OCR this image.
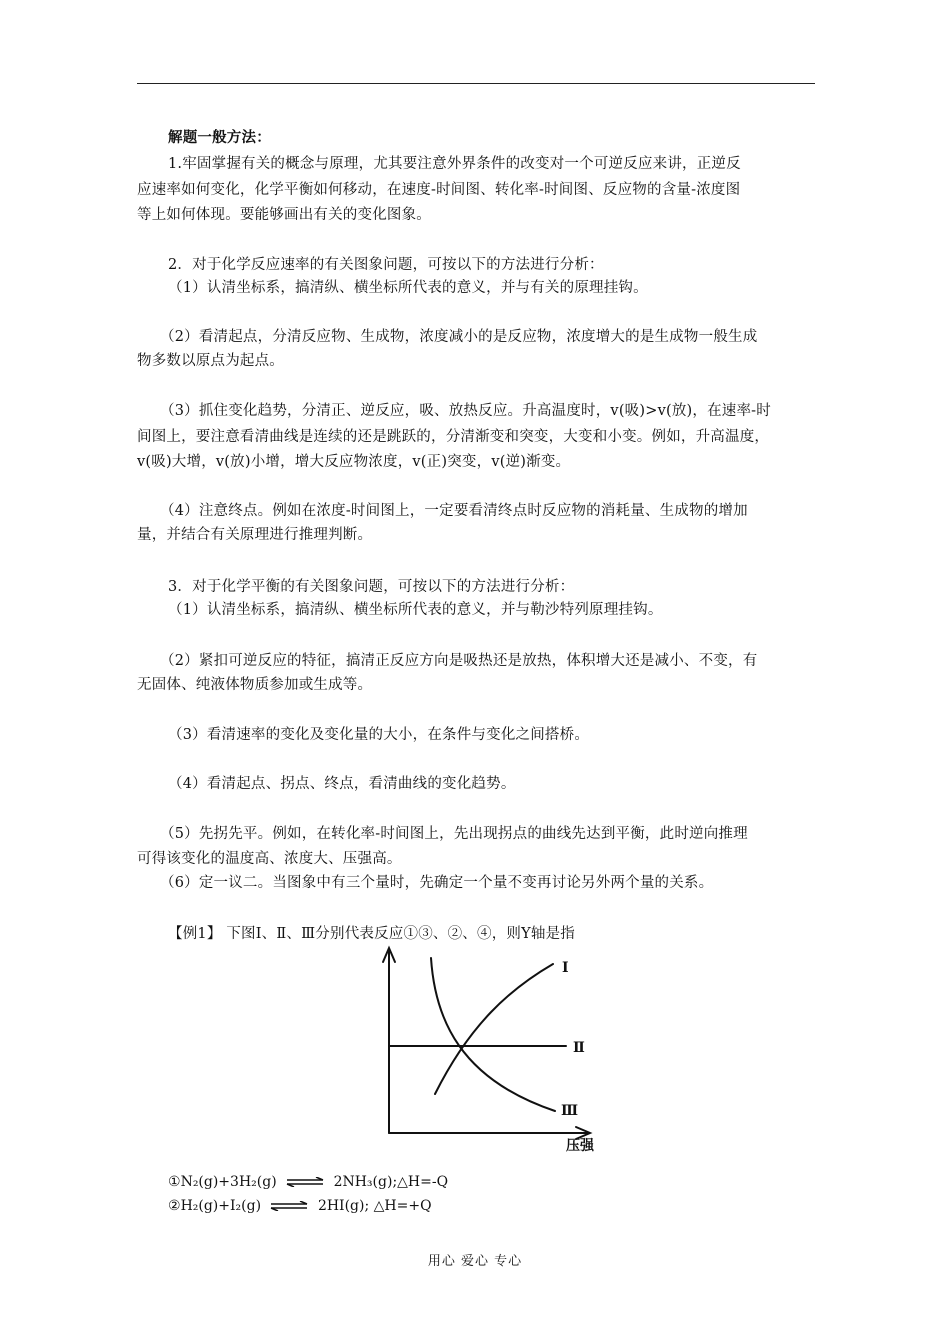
解题一般方法：
1.牢固掌握有关的概念与原理，尤其要注意外界条件的改变对一个可逆反应来讲，正逆反
应速率如何变化，化学平衡如何移动，在速度-时间图、转化率-时间图、反应物的含量-浓度图
等上如何体现。要能够画出有关的变化图象。
2．对于化学反应速率的有关图象问题，可按以下的方法进行分析：
（1）认清坐标系，搞清纵、横坐标所代表的意义，并与有关的原理挂钩。
（2）看清起点，分清反应物、生成物，浓度减小的是反应物，浓度增大的是生成物一般生成
物多数以原点为起点。
（3）抓住变化趋势，分清正、逆反应，吸、放热反应。升高温度时，v(吸)>v(放)，在速率-时
间图上，要注意看清曲线是连续的还是跳跃的，分清渐变和突变，大变和小变。例如，升高温度，
v(吸)大增，v(放)小增，增大反应物浓度，v(正)突变，v(逆)渐变。
（4）注意终点。例如在浓度-时间图上，一定要看清终点时反应物的消耗量、生成物的增加
量，并结合有关原理进行推理判断。
3．对于化学平衡的有关图象问题，可按以下的方法进行分析：
（1）认清坐标系，搞清纵、横坐标所代表的意义，并与勒沙特列原理挂钩。
（2）紧扣可逆反应的特征，搞清正反应方向是吸热还是放热，体积增大还是减小、不变，有
无固体、纯液体物质参加或生成等。
（3）看清速率的变化及变化量的大小，在条件与变化之间搭桥。
（4）看清起点、拐点、终点，看清曲线的变化趋势。
（5）先拐先平。例如，在转化率-时间图上，先出现拐点的曲线先达到平衡，此时逆向推理
可得该变化的温度高、浓度大、压强高。
（6）定一议二。当图象中有三个量时，先确定一个量不变再讨论另外两个量的关系。
【例1】 下图Ⅰ、Ⅱ、Ⅲ分别代表反应①③、②、④，则Y轴是指
Ⅰ
Ⅱ
Ⅲ
压强
①N₂(g)+3H₂(g) ⇌ 2NH₃(g);△H=-Q
②H₂(g)+I₂(g) ⇌ 2HI(g); △H=+Q
用心 爱心 专心
